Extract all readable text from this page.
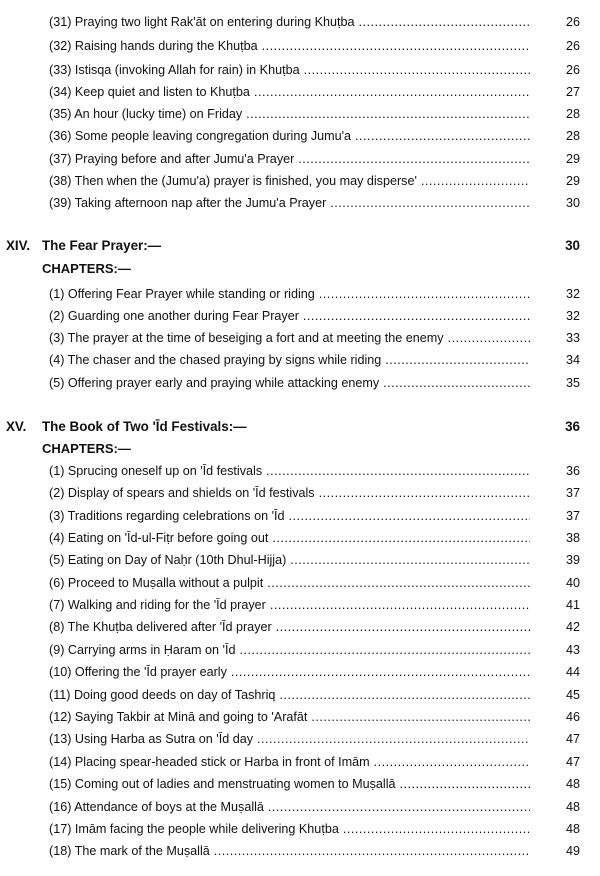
(31) Praying two light Rak'āt on entering during Khuṭba .....	26
(32) Raising hands during the Khuṭba .....	26
(33) Istisqa (invoking Allah for rain) in Khuṭba .....	26
(34) Keep quiet and listen to Khuṭba .....	27
(35) An hour (lucky time) on Friday .....	28
(36) Some people leaving congregation during Jumu'a .....	28
(37) Praying before and after Jumu'a Prayer .....	29
(38) Then when the (Jumu'a) prayer is finished, you may disperse' .....	29
(39) Taking afternoon nap after the Jumu'a Prayer .....	30
XIV. The Fear Prayer:—	30
CHAPTERS:—
(1) Offering Fear Prayer while standing or riding .....	32
(2) Guarding one another during Fear Prayer .....	32
(3) The prayer at the time of beseiging a fort and at meeting the enemy .....	33
(4) The chaser and the chased praying by signs while riding .....	34
(5) Offering prayer early and praying while attacking enemy .....	35
XV. The Book of Two 'Īd Festivals:—	36
CHAPTERS:—
(1) Sprucing oneself up on 'Īd festivals .....	36
(2) Display of spears and shields on 'Īd festivals .....	37
(3) Traditions regarding celebrations on 'Īd .....	37
(4) Eating on 'Īd-ul-Fiṭr before going out .....	38
(5) Eating on Day of Naḥr (10th Dhul-Hijja) .....	39
(6) Proceed to Muṣalla without a pulpit .....	40
(7) Walking and riding for the 'Īd prayer .....	41
(8) The Khuṭba delivered after 'Īd prayer .....	42
(9) Carrying arms in Ḥaram on 'Īd .....	43
(10) Offering the 'Īd prayer early .....	44
(11) Doing good deeds on day of Tashriq .....	45
(12) Saying Takbir at Minā and going to 'Arafāt .....	46
(13) Using Harba as Sutra on 'Īd day .....	47
(14) Placing spear-headed stick or Harba in front of Imām .....	47
(15) Coming out of ladies and menstruating women to Muṣallā .....	48
(16) Attendance of boys at the Muṣallā .....	48
(17) Imām facing the people while delivering Khuṭba .....	48
(18) The mark of the Muṣallā .....	49
